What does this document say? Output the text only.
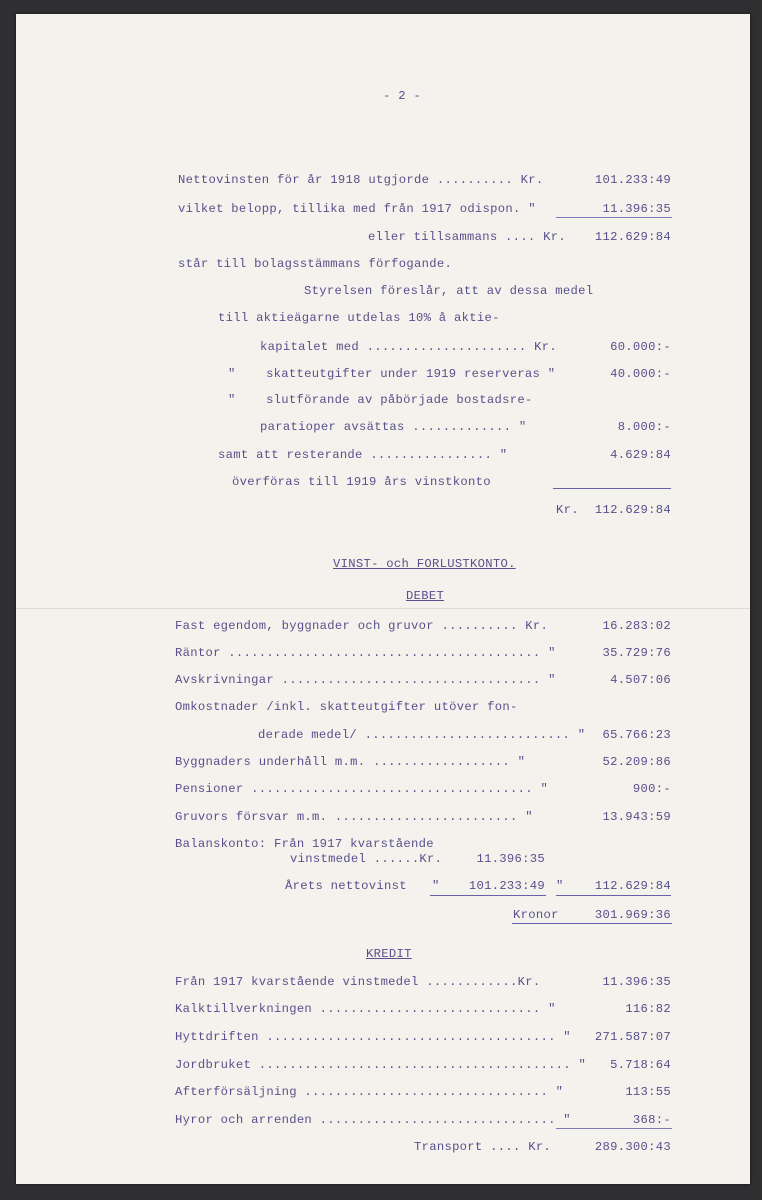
- 2 -
Nettovinsten för år 1918 utgjorde .......... Kr.	101.233:49
vilket belopp, tillika med från 1917 odispon. "	11.396:35
eller tillsammans .... Kr.	112.629:84
står till bolagsstämmans förfogande.
Styrelsen föreslår, att av dessa medel
till aktieägarne utdelas 10% å aktie-
kapitalet med ..................... Kr.	60.000:-
"    skatteutgifter under 1919 reserveras "	40.000:-
"    slutförande av påbörjade bostadsre-
paratioper avsättas ............. "	8.000:-
samt att resterande ................ "	4.629:84
överföras till 1919 års vinstkonto
Kr.	112.629:84
VINST- och FORLUSTKONTO.
DEBET
Fast egendom, byggnader och gruvor .......... Kr.	16.283:02
Räntor ......................................... "	35.729:76
Avskrivningar .................................. "	4.507:06
Omkostnader /inkl. skatteutgifter utöver fon-
derade medel/ ........................... "	65.766:23
Byggnaders underhåll m.m. .................. "	52.209:86
Pensioner ..................................... "	900:-
Gruvors försvar m.m. ........................ "	13.943:59
Balanskonto: Från 1917 kvarstående
vinstmedel ......Kr.	11.396:35
Årets nettovinst "	101.233:49 "	112.629:84
Kronor	301.969:36
KREDIT
Från 1917 kvarstående vinstmedel ............Kr.	11.396:35
Kalktillverkningen ............................. "	116:82
Hyttdriften ...................................... "	271.587:07
Jordbruket ......................................... "	5.718:64
Afterförsäljning ................................ "	113:55
Hyror och arrenden ............................... "	368:-
Transport .... Kr.	289.300:43
